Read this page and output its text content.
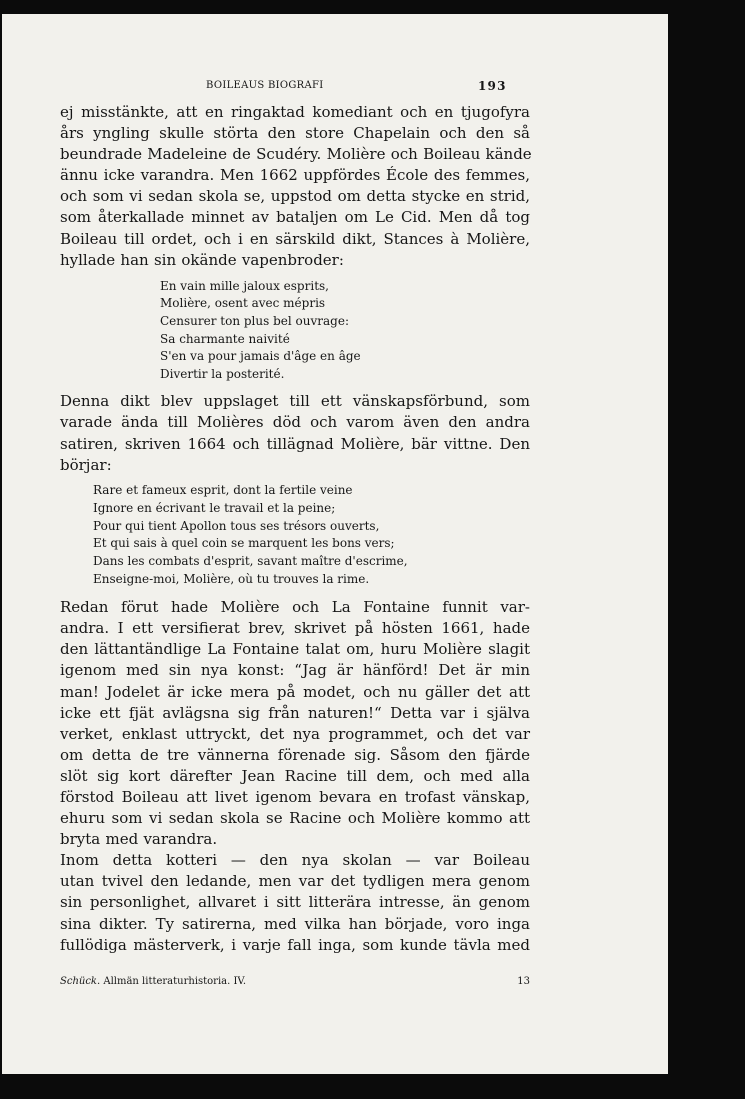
BOILEAUS BIOGRAFI	193

ej misstänkte, att en ringaktad komediant och en tjugofyra
års yngling skulle störta den store Chapelain och den så
beundrade Madeleine de Scudéry. Molière och Boileau kände
ännu icke varandra. Men 1662 uppfördes École des femmes,
och som vi sedan skola se, uppstod om detta stycke en strid,
som återkallade minnet av bataljen om Le Cid. Men då tog
Boileau till ordet, och i en särskild dikt, Stances à Molière,
hyllade han sin okände vapenbroder:

En vain mille jaloux esprits,
Molière, osent avec mépris
Censurer ton plus bel ouvrage:
Sa charmante naivité
S'en va pour jamais d'âge en âge
Divertir la posterité.

Denna dikt blev uppslaget till ett vänskapsförbund, som
varade ända till Molières död och varom även den andra
satiren, skriven 1664 och tillägnad Molière, bär vittne. Den
börjar:

Rare et fameux esprit, dont la fertile veine
Ignore en écrivant le travail et la peine;
Pour qui tient Apollon tous ses trésors ouverts,
Et qui sais à quel coin se marquent les bons vers;
Dans les combats d'esprit, savant maître d'escrime,
Enseigne-moi, Molière, où tu trouves la rime.

Redan förut hade Molière och La Fontaine funnit var-
andra. I ett versifierat brev, skrivet på hösten 1661, hade
den lättantändlige La Fontaine talat om, huru Molière slagit
igenom med sin nya konst: “Jag är hänförd! Det är min
man! Jodelet är icke mera på modet, och nu gäller det att
icke ett fjät avlägsna sig från naturen!“ Detta var i själva
verket, enklast uttryckt, det nya programmet, och det var
om detta de tre vännerna förenade sig. Såsom den fjärde
slöt sig kort därefter Jean Racine till dem, och med alla
förstod Boileau att livet igenom bevara en trofast vänskap,
ehuru som vi sedan skola se Racine och Molière kommo att
bryta med varandra.

Inom detta kotteri — den nya skolan — var Boileau
utan tvivel den ledande, men var det tydligen mera genom
sin personlighet, allvaret i sitt litterära intresse, än genom
sina dikter. Ty satirerna, med vilka han började, voro inga
fullödiga mästerverk, i varje fall inga, som kunde tävla med

Schück. Allmän litteraturhistoria. IV.	13
